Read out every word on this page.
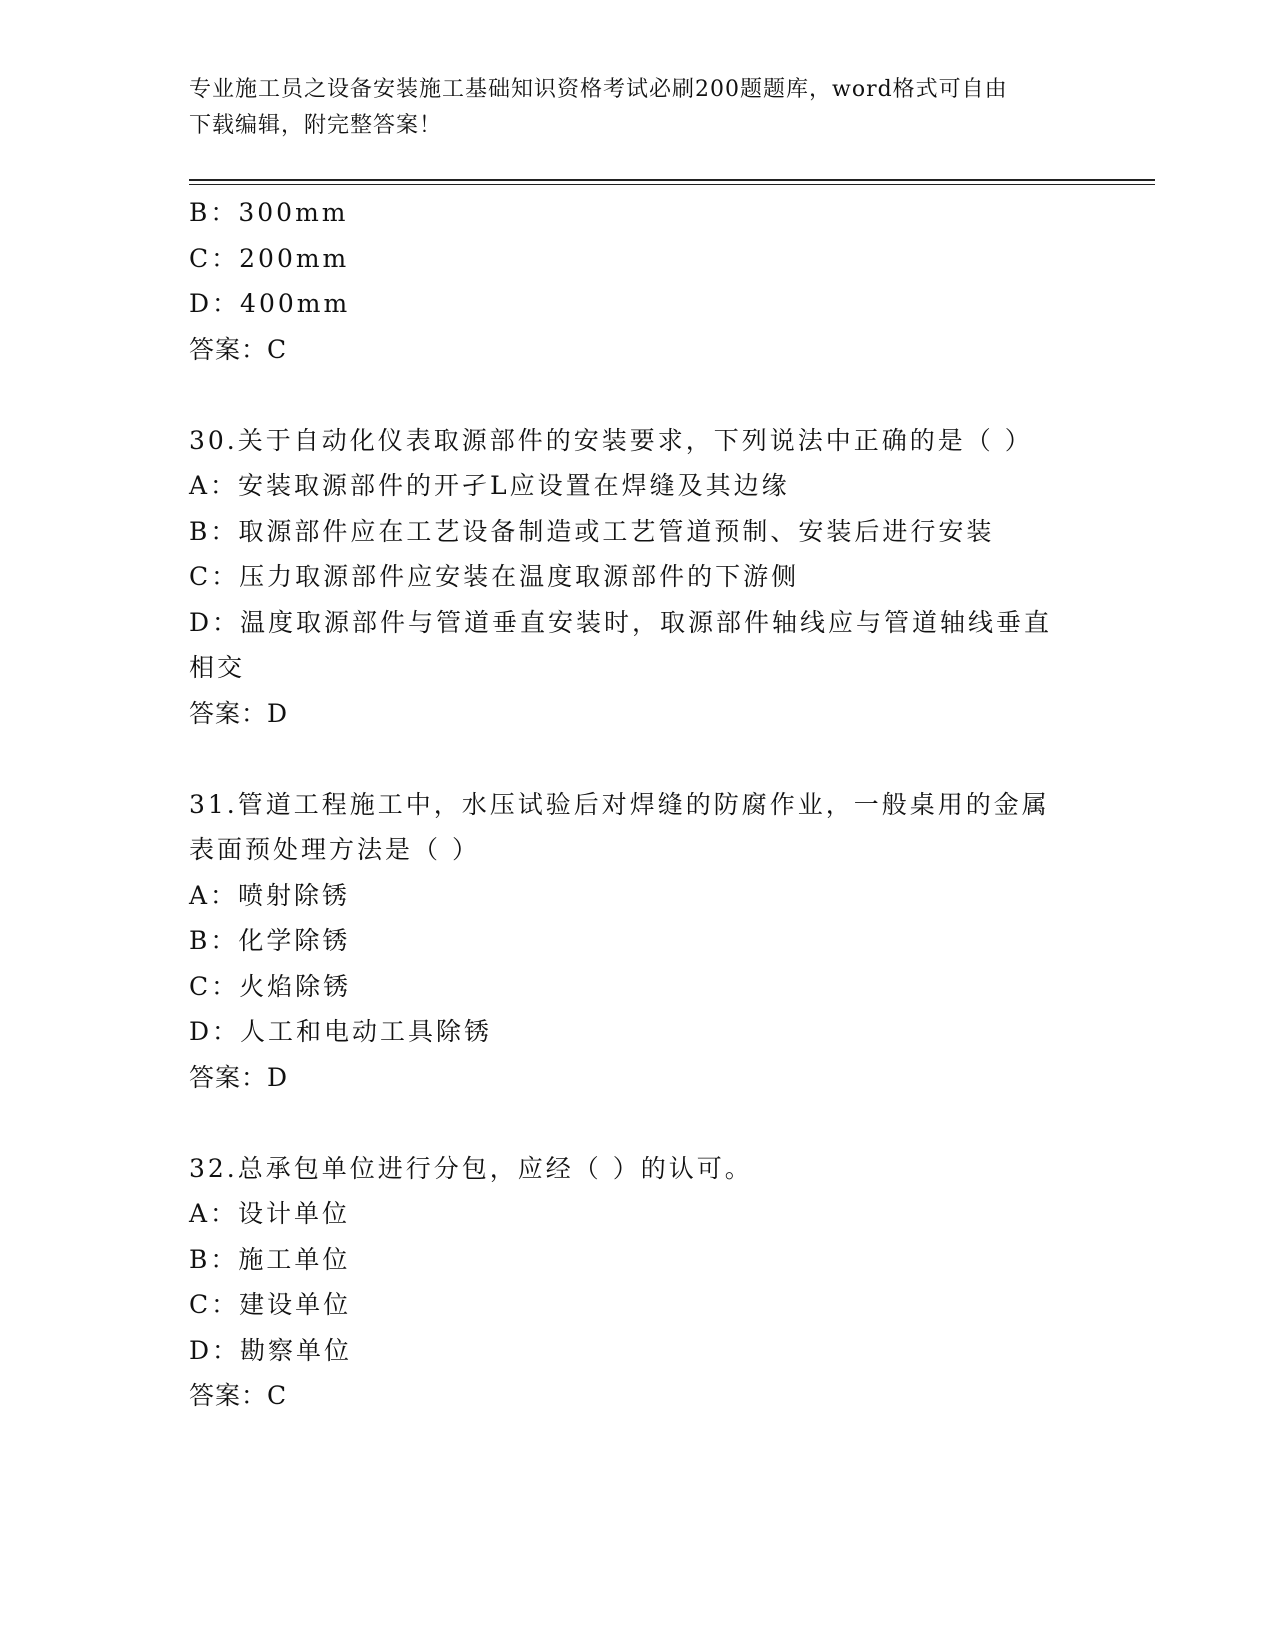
专业施工员之设备安装施工基础知识资格考试必刷200题题库，word格式可自由
下载编辑，附完整答案！
B：300mm
C：200mm
D：400mm
答案：C
30.关于自动化仪表取源部件的安装要求，下列说法中正确的是（ ）
A：安装取源部件的开孑L应设置在焊缝及其边缘
B：取源部件应在工艺设备制造或工艺管道预制、安装后进行安装
C：压力取源部件应安装在温度取源部件的下游侧
D：温度取源部件与管道垂直安装时，取源部件轴线应与管道轴线垂直
相交
答案：D
31.管道工程施工中，水压试验后对焊缝的防腐作业，一般桌用的金属
表面预处理方法是（ ）
A：喷射除锈
B：化学除锈
C：火焰除锈
D：人工和电动工具除锈
答案：D
32.总承包单位进行分包，应经（ ）的认可。
A：设计单位
B：施工单位
C：建设单位
D：勘察单位
答案：C
